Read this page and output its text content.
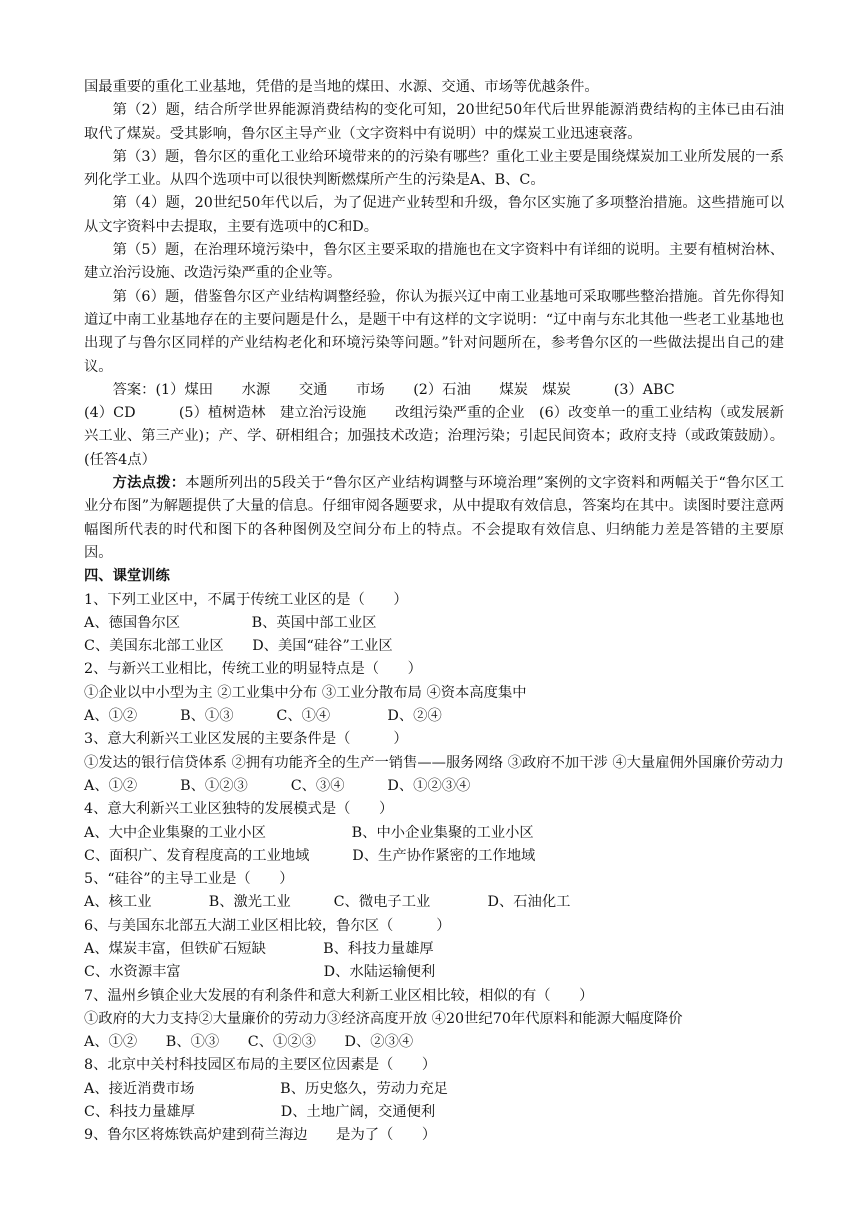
国最重要的重化工业基地，凭借的是当地的煤田、水源、交通、市场等优越条件。

第（2）题，结合所学世界能源消费结构的变化可知，20世纪50年代后世界能源消费结构的主体已由石油取代了煤炭。受其影响，鲁尔区主导产业（文字资料中有说明）中的煤炭工业迅速衰落。

第（3）题，鲁尔区的重化工业给环境带来的的污染有哪些？重化工业主要是围绕煤炭加工业所发展的一系列化学工业。从四个选项中可以很快判断燃煤所产生的污染是A、B、C。

第（4）题，20世纪50年代以后，为了促进产业转型和升级，鲁尔区实施了多项整治措施。这些措施可以从文字资料中去提取，主要有选项中的C和D。

第（5）题，在治理环境污染中，鲁尔区主要采取的措施也在文字资料中有详细的说明。主要有植树治林、建立治污设施、改造污染严重的企业等。

第（6）题，借鉴鲁尔区产业结构调整经验，你认为振兴辽中南工业基地可采取哪些整治措施。首先你得知道辽中南工业基地存在的主要问题是什么，是题干中有这样的文字说明：“辽中南与东北其他一些老工业基地也出现了与鲁尔区同样的产业结构老化和环境污染等问题。”针对问题所在，参考鲁尔区的一些做法提出自己的建议。

答案：(1）煤田　　水源　　交通　　市场　　(2）石油　　煤炭　煤炭　　　(3）ABC

(4）CD　　　(5）植树造林　建立治污设施　　改组污染严重的企业　(6）改变单一的重工业结构（或发展新兴工业、第三产业)；产、学、研相组合；加强技术改造；治理污染；引起民间资本；政府支持（或政策鼓励）。(任答4点）

方法点拨：本题所列出的5段关于“鲁尔区产业结构调整与环境治理”案例的文字资料和两幅关于“鲁尔区工业分布图”为解题提供了大量的信息。仔细审阅各题要求，从中提取有效信息，答案均在其中。读图时要注意两幅图所代表的时代和图下的各种图例及空间分布上的特点。不会提取有效信息、归纳能力差是答错的主要原因。

四、课堂训练

1、下列工业区中，不属于传统工业区的是（　　）

A、德国鲁尔区　　　　　B、英国中部工业区

C、美国东北部工业区　　D、美国“硅谷”工业区

2、与新兴工业相比，传统工业的明显特点是（　　）

①企业以中小型为主 ②工业集中分布 ③工业分散布局 ④资本高度集中

A、①②　　　B、①③　　　C、①④　　　　D、②④

3、意大利新兴工业区发展的主要条件是（　　　）

①发达的银行信贷体系 ②拥有功能齐全的生产一销售——服务网络 ③政府不加干涉 ④大量雇佣外国廉价劳动力

A、①②　　　B、①②③　　　C、③④　　　D、①②③④

4、意大利新兴工业区独特的发展模式是（　　）

A、大中企业集聚的工业小区　　　　　　B、中小企业集聚的工业小区

C、面积广、发育程度高的工业地域　　　D、生产协作紧密的工作地域

5、“硅谷”的主导工业是（　　）

A、核工业　　　　B、激光工业　　　C、微电子工业　　　　D、石油化工

6、与美国东北部五大湖工业区相比较，鲁尔区（　　　）

A、煤炭丰富，但铁矿石短缺　　　　B、科技力量雄厚

C、水资源丰富　　　　　　　　　　D、水陆运输便利

7、温州乡镇企业大发展的有利条件和意大利新工业区相比较，相似的有（　　）

①政府的大力支持②大量廉价的劳动力③经济高度开放 ④20世纪70年代原料和能源大幅度降价

A、①②　　B、①③　　C、①②③　　D、②③④

8、北京中关村科技园区布局的主要区位因素是（　　）

A、接近消费市场　　　　　　B、历史悠久，劳动力充足

C、科技力量雄厚　　　　　　D、土地广阔，交通便利

9、鲁尔区将炼铁高炉建到荷兰海边　　是为了（　　）
